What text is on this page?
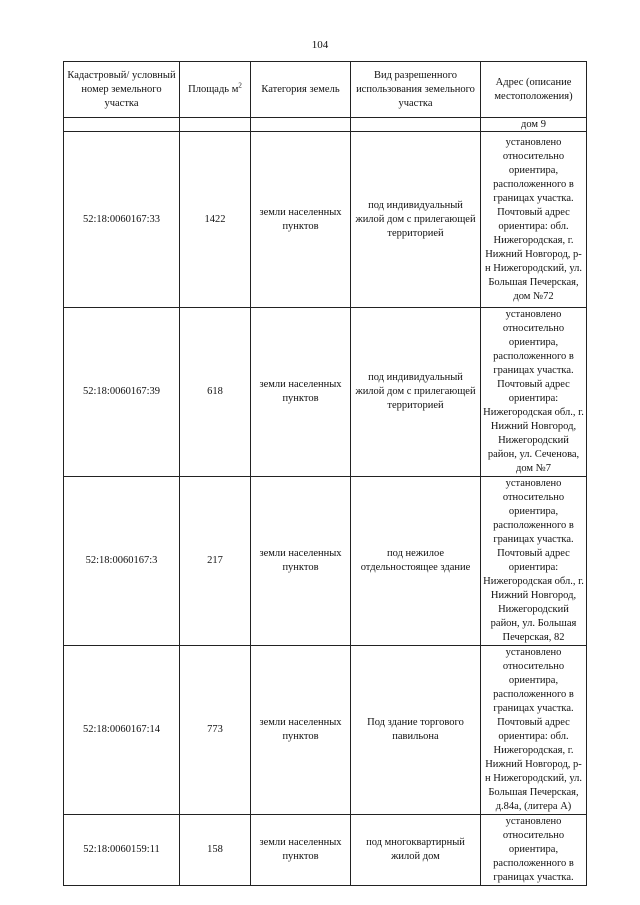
104
Кадастровый/ условный номер земельного участка	Площадь $м^2$	Категория земель	Вид разрешенного использования земельного участка	Адрес (описание местоположения)
				дом 9
52:18:0060167:33	1422	земли населенных пунктов	под индивидуальный жилой дом с прилегающей территорией	установлено относительно ориентира, расположенного в границах участка. Почтовый адрес ориентира: обл. Нижегородская, г. Нижний Новгород, р-н Нижегородский, ул. Большая Печерская, дом №72
52:18:0060167:39	618	земли населенных пунктов	под индивидуальный жилой дом с прилегающей территорией	установлено относительно ориентира, расположенного в границах участка. Почтовый адрес ориентира: Нижегородская обл., г. Нижний Новгород, Нижегородский район, ул. Сеченова, дом №7
52:18:0060167:3	217	земли населенных пунктов	под нежилое отдельностоящее здание	установлено относительно ориентира, расположенного в границах участка. Почтовый адрес ориентира: Нижегородская обл., г. Нижний Новгород, Нижегородский район, ул. Большая Печерская, 82
52:18:0060167:14	773	земли населенных пунктов	Под здание торгового павильона	установлено относительно ориентира, расположенного в границах участка. Почтовый адрес ориентира: обл. Нижегородская, г. Нижний Новгород, р-н Нижегородский, ул. Большая Печерская, д.84а, (литера А)
52:18:0060159:11	158	земли населенных пунктов	под многоквартирный жилой дом	установлено относительно ориентира, расположенного в границах участка.
